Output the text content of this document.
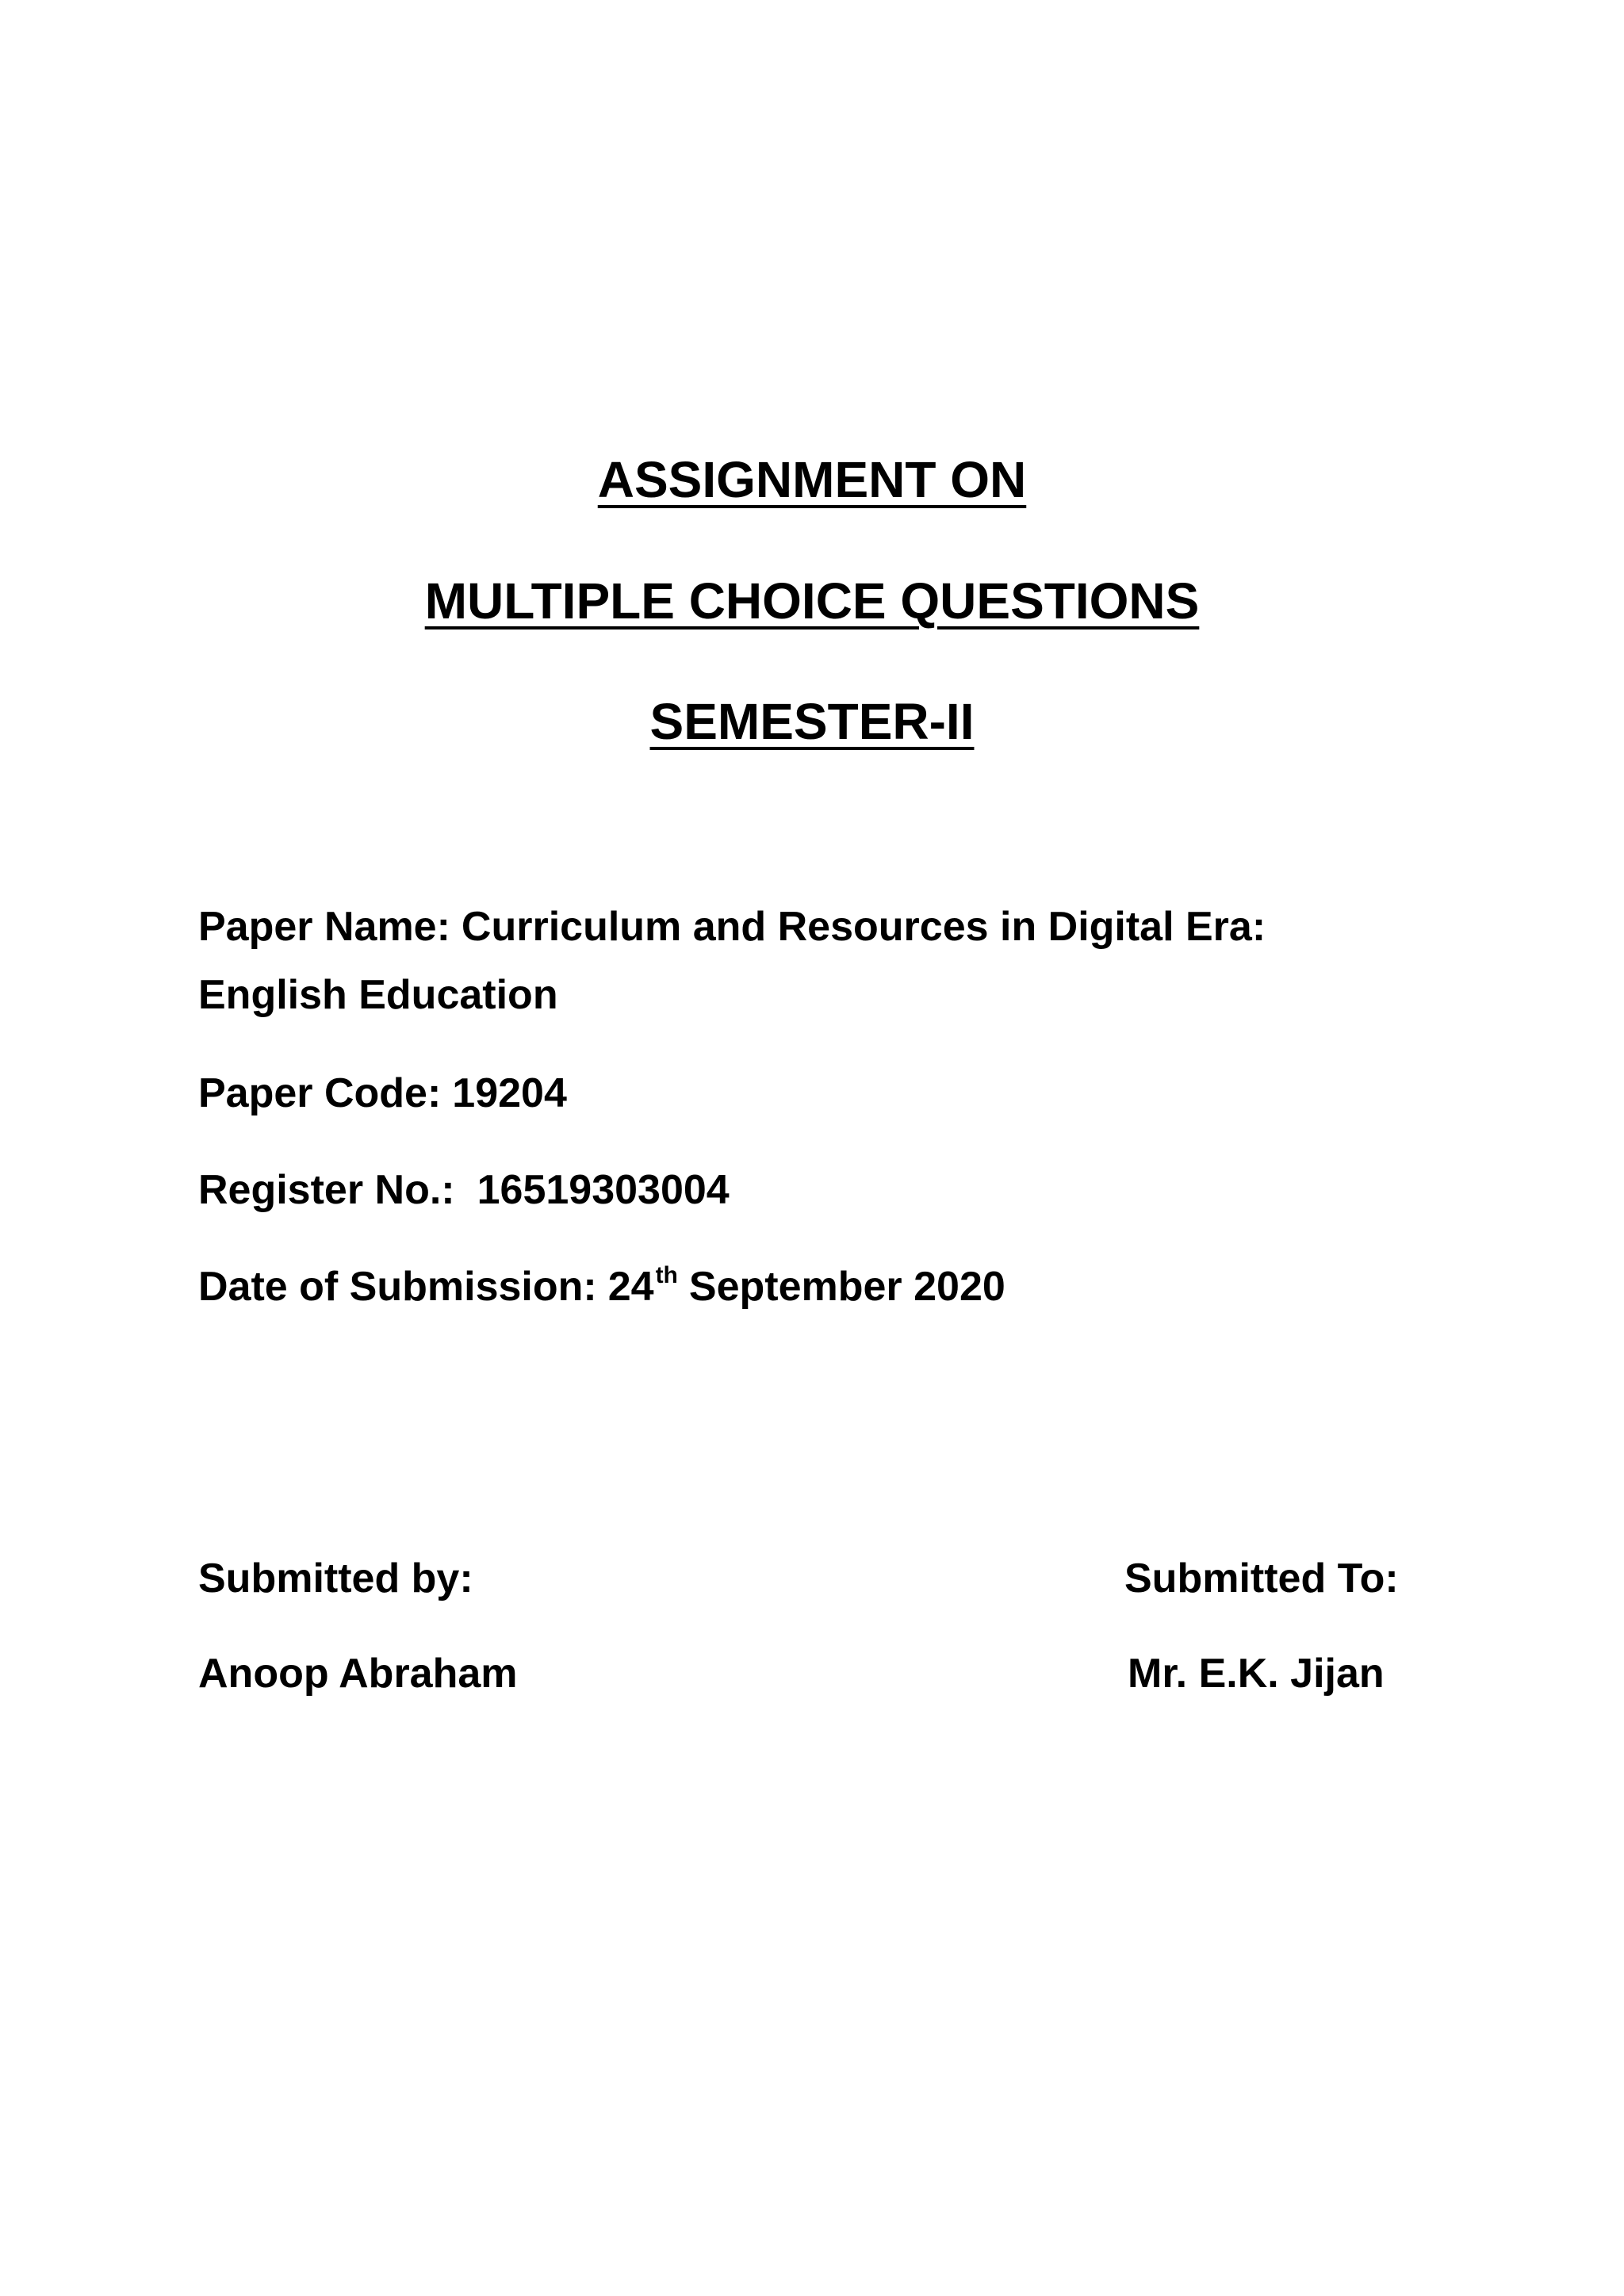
ASSIGNMENT ON
MULTIPLE CHOICE QUESTIONS
SEMESTER-II
Paper Name: Curriculum and Resources in Digital Era:
English Education
Paper Code: 19204
Register No.: 16519303004
Date of Submission: 24th September 2020
Submitted by:
Anoop Abraham
Submitted To:
Mr. E.K. Jijan
